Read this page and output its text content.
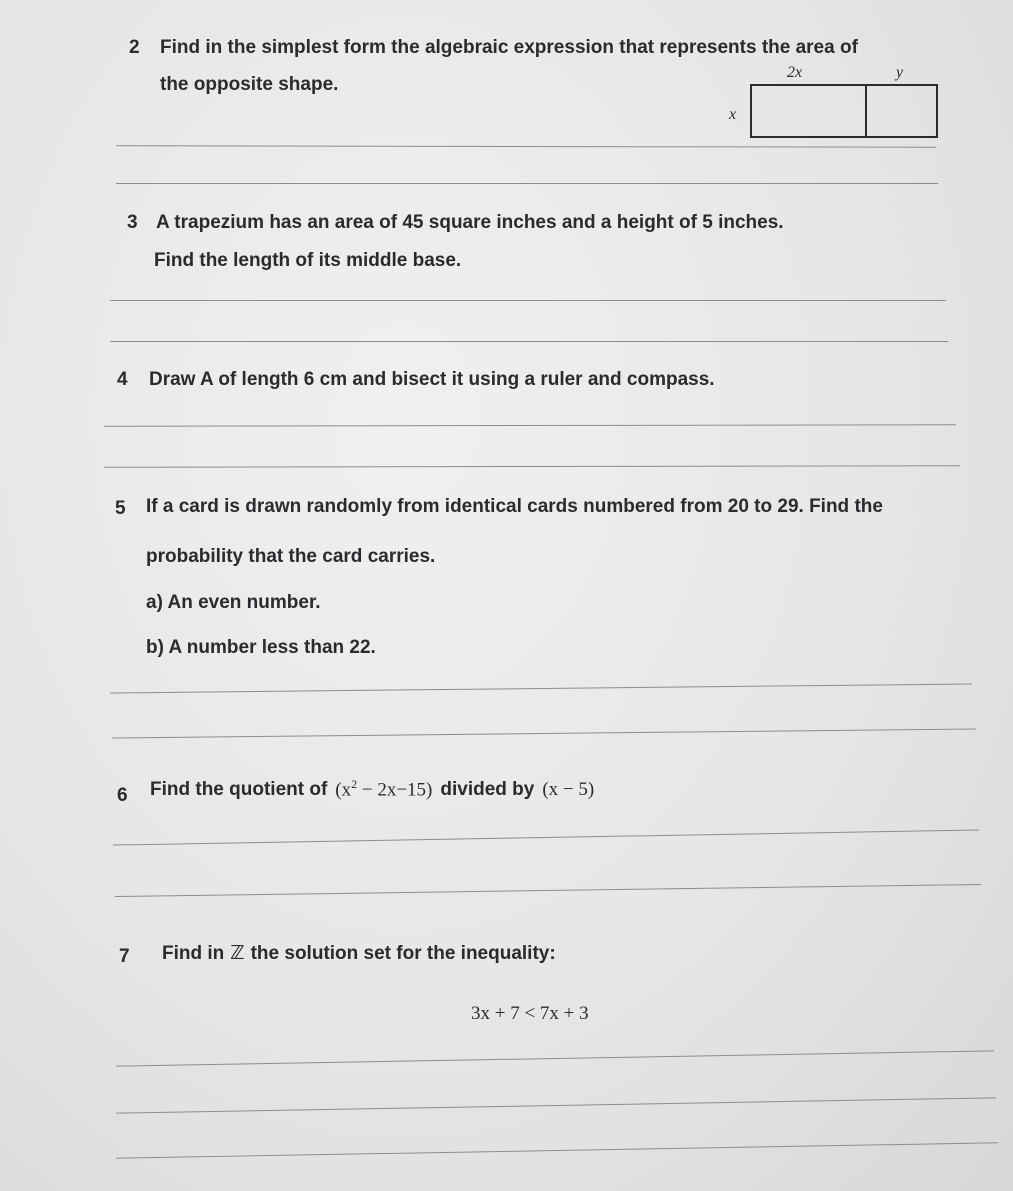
2 Find in the simplest form the algebraic expression that represents the area of
the opposite shape.
2x	y
x
3 A trapezium has an area of 45 square inches and a height of 5 inches.
Find the length of its middle base.
4 Draw A of length 6 cm and bisect it using a ruler and compass.
5 If a card is drawn randomly from identical cards numbered from 20 to 29. Find the
probability that the card carries.
a) An even number.
b) A number less than 22.
6 Find the quotient of $(x^2 - 2x-15)$ divided by (x − 5)
7 Find in ℤ the solution set for the inequality:
3x + 7 < 7x + 3
